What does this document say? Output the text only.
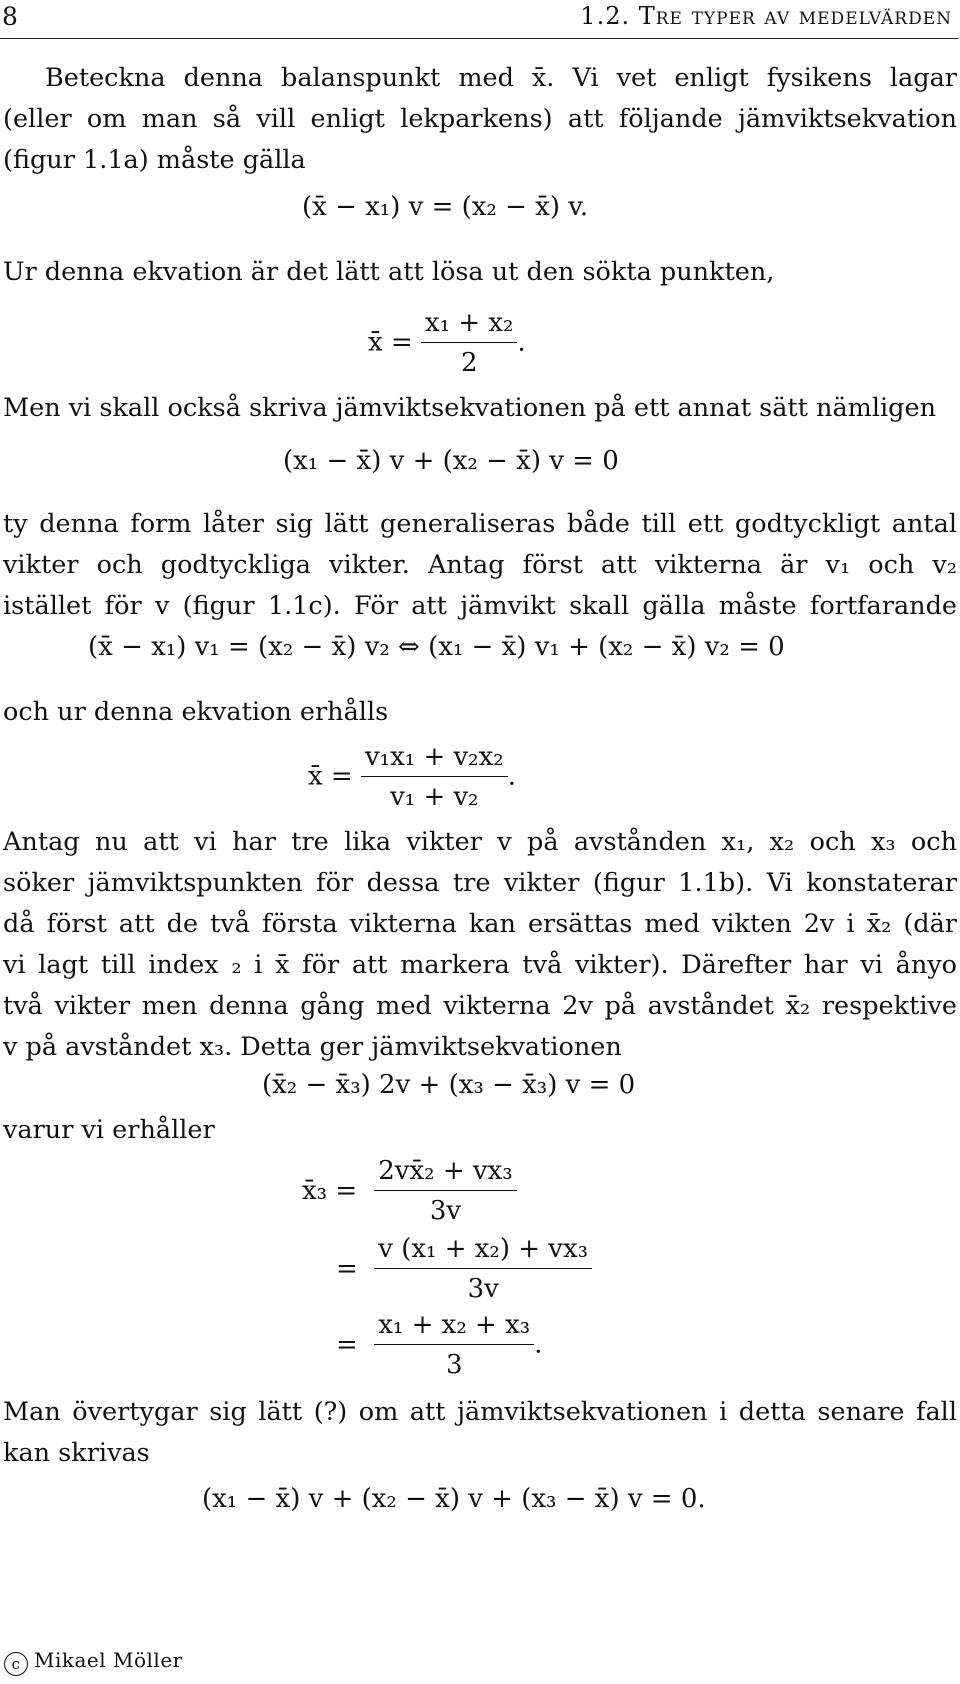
8	1.2. Tre typer av medelvärden
Beteckna denna balanspunkt med x̄. Vi vet enligt fysikens lagar
(eller om man så vill enligt lekparkens) att följande jämviktsekvation
(figur 1.1a) måste gälla
(x̄ − x₁) v = (x₂ − x̄) v.
Ur denna ekvation är det lätt att lösa ut den sökta punkten,
x̄ = $\frac{\text{x₁ + x₂}}{2}$ .
Men vi skall också skriva jämviktsekvationen på ett annat sätt nämligen
(x₁ − x̄) v + (x₂ − x̄) v = 0
ty denna form låter sig lätt generaliseras både till ett godtyckligt antal
vikter och godtyckliga vikter. Antag först att vikterna är v₁ och v₂
istället för v (figur 1.1c). För att jämvikt skall gälla måste fortfarande
(x̄ − x₁) v₁ = (x₂ − x̄) v₂ ⇔ (x₁ − x̄) v₁ + (x₂ − x̄) v₂ = 0
och ur denna ekvation erhålls
x̄ = $\frac{\text{v₁x₁ + v₂x₂}}{\text{v₁ + v₂}}$ .
Antag nu att vi har tre lika vikter v på avstånden x₁, x₂ och x₃ och
söker jämviktspunkten för dessa tre vikter (figur 1.1b). Vi konstaterar
då först att de två första vikterna kan ersättas med vikten 2v i x̄₂ (där
vi lagt till index ₂ i x̄ för att markera två vikter). Därefter har vi ånyo
två vikter men denna gång med vikterna 2v på avståndet x̄₂ respektive
v på avståndet x₃. Detta ger jämviktsekvationen
(x̄₂ − x̄₃) 2v + (x₃ − x̄₃) v = 0
varur vi erhåller
x̄₃ = $\frac{\text{2vx̄₂ + vx₃}}{3v}$
= $\frac{\text{v (x₁ + x₂) + vx₃}}{3v}$
= $\frac{\text{x₁ + x₂ + x₃}}{3}$ .
Man övertygar sig lätt (?) om att jämviktsekvationen i detta senare fall
kan skrivas
(x₁ − x̄) v + (x₂ − x̄) v + (x₃ − x̄) v = 0.
c Mikael Möller
